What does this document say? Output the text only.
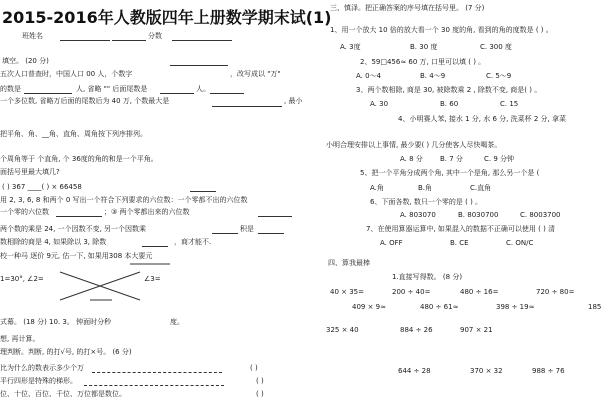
2015-2016年人教版四年上册数学期末试(1)
班姓名	分数
填空。 (20 分)
五次人口普查时，中国人口 00 人，个数字	，改写成以 "万"
的数是	人, 省略 "" 后面尾数是	人。
一个多位数, 省略万后面的尾数后为 40 万, 个数最大是	, 最小
把平角、角、__角、直角、周角按下列序排列。
个周角等于 个直角, 个 36度的角的和是一个平角。
面括号里最大填几?
( ) 367 ____( ) × 66458
用 2, 3, 6, 8 和两个 0 写出一个符合下列要求的六位数：一个零都不出的六位数
一个零的六位数	；③ 两个零都出来的六位数
两个数的乘是 24, 一个因数不变, 另一个因数乘	积是
数相除的商是 4, 如果除以 3, 除数	，商才能不.
校一种马 逐价 9元, 估一下, 如果用308 本大要元
1=30°, ∠2=	∠3=
式幕。 (18 分) 10. 3。 钟面时分秒	度。
想, 再计算。
理判断。判断, 的打√号, 的打×号。 (6 分)
比为什么的数表示多少个万	( )
平行四形是特殊的梯形。	( )
位、十位、百位、千位、万位都是数位。	( )
三、慎泽。把正确答案的序号填在括号里。 (7 分)
1、用一个放大 10 倍的放大看一个 30 度的角, 看到的角的度数是 ( ) 。
A. 3度	B. 30 度	C. 300 度
2、59□456≈ 60 万, 口里可以填 ( ) 。
A. 0～4	B. 4～9	C. 5～9
3、两个数相除, 商是 30, 被除数乘 2 , 除数不变, 商是( ) 。
A. 30	B. 60	C. 15
4、小明赛人苯, 接水 1 分, 水 6 分, 洗菜杯 2 分, 拿菜
小明合理安排以上事情, 最少要( ) 几分使客人尽快喝茶。
A. 8 分 B. 7 分	C. 9 分钟
5、把一个平角分成两个角, 其中一个是角, 那么另一个是 (
A.角	B.角	C.直角
6、下面各数, 数只一个零的是 ( ) 。
A. 803070	B. 8030700	C. 8003700
7、在使用算器运算中, 如果混入的数据不正确可以使用 ( ) 清
A. OFF	B. CE	C. ON/C
四、算我最棒
1.直接写得数。 (8 分)
40 × 35=	200 ÷ 40=	480 ÷ 16=	720 ÷ 80=
409 × 9≈	480 ÷ 61≈	398 ÷ 19≈	185
325 × 40	884 ÷ 26	907 × 21
644 ÷ 28	370 × 32	988 ÷ 76
